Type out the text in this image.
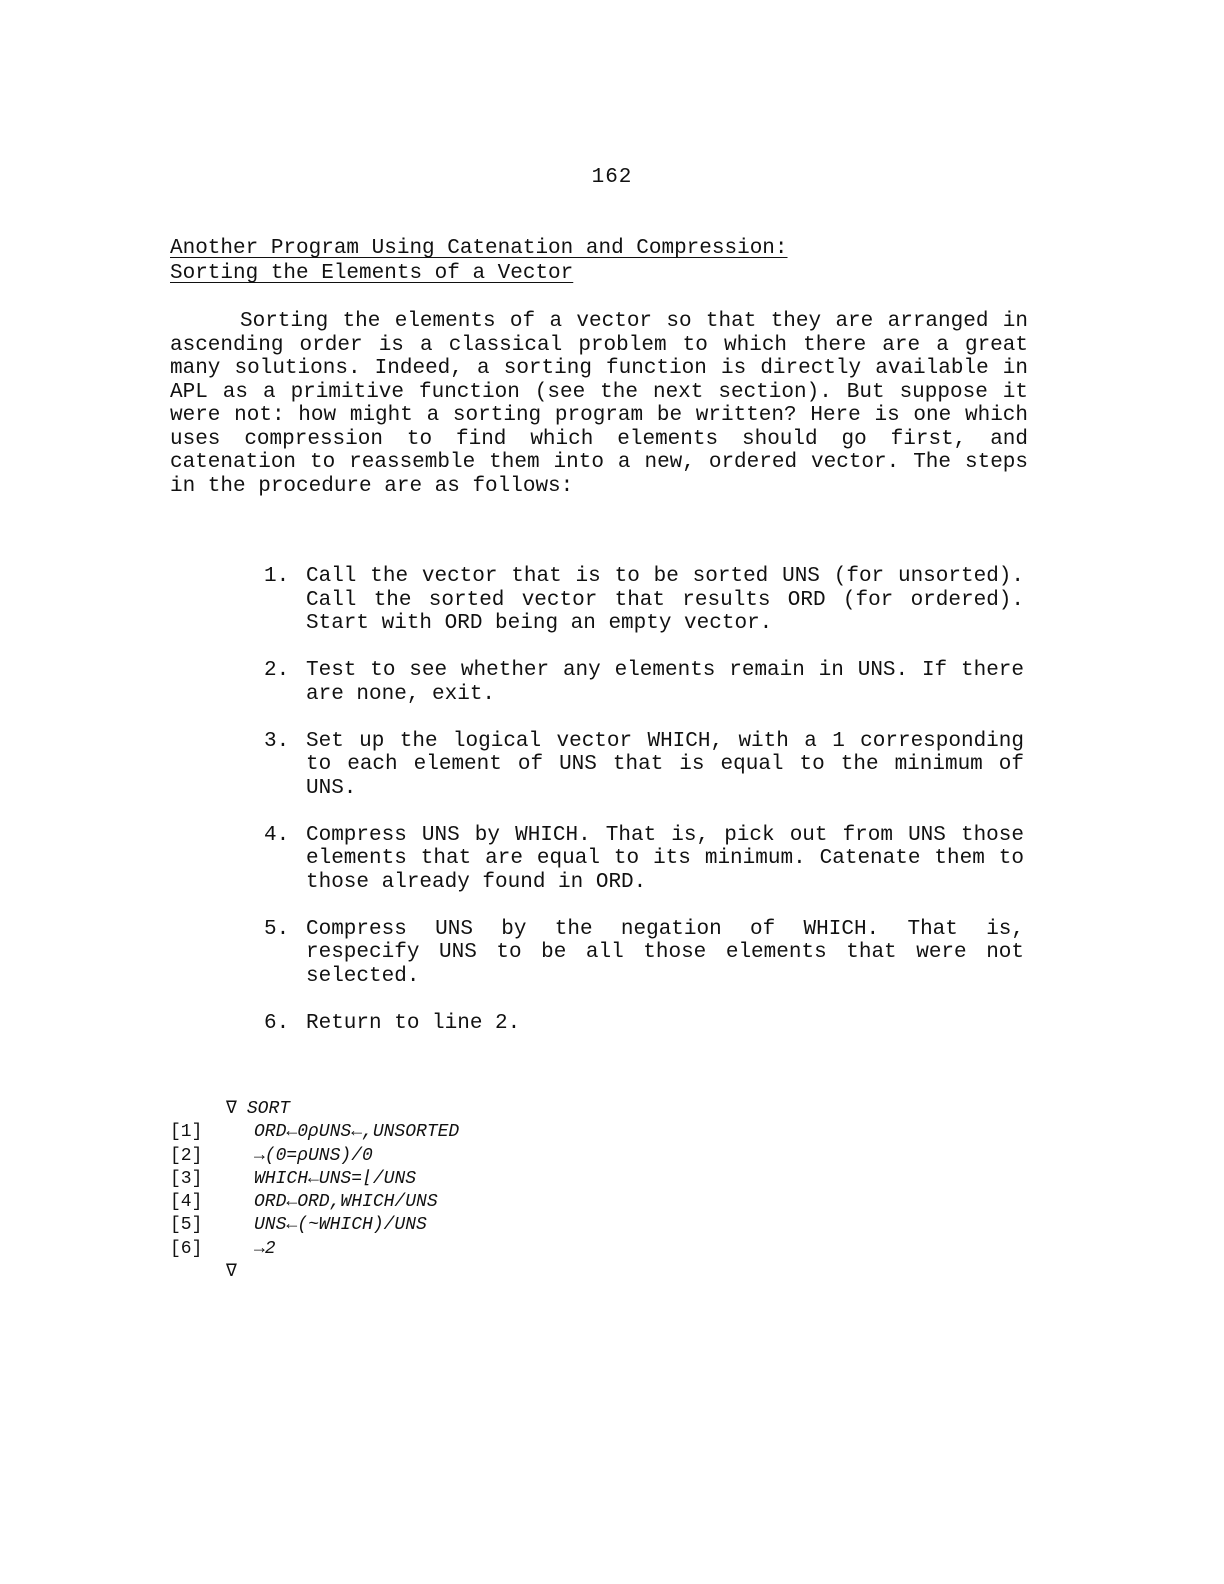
162
Another Program Using Catenation and Compression:
Sorting the Elements of a Vector

Sorting the elements of a vector so that they are arranged in ascending order is a classical problem to which there are a great many solutions. Indeed, a sorting function is directly available in APL as a primitive function (see the next section). But suppose it were not: how might a sorting program be written? Here is one which uses compression to find which elements should go first, and catenation to reassemble them into a new, ordered vector. The steps in the procedure are as follows:

1. Call the vector that is to be sorted UNS (for unsorted). Call the sorted vector that results ORD (for ordered). Start with ORD being an empty vector.
2. Test to see whether any elements remain in UNS. If there are none, exit.
3. Set up the logical vector WHICH, with a 1 corresponding to each element of UNS that is equal to the minimum of UNS.
4. Compress UNS by WHICH. That is, pick out from UNS those elements that are equal to its minimum. Catenate them to those already found in ORD.
5. Compress UNS by the negation of WHICH. That is, respecify UNS to be all those elements that were not selected.
6. Return to line 2.
∇ SORT
[1]	ORD←0ρUNS←,UNSORTED
[2]	→(0=ρUNS)/0
[3]	WHICH←UNS=⌊/UNS
[4]	ORD←ORD,WHICH/UNS
[5]	UNS←(~WHICH)/UNS
[6]	→2
∇
